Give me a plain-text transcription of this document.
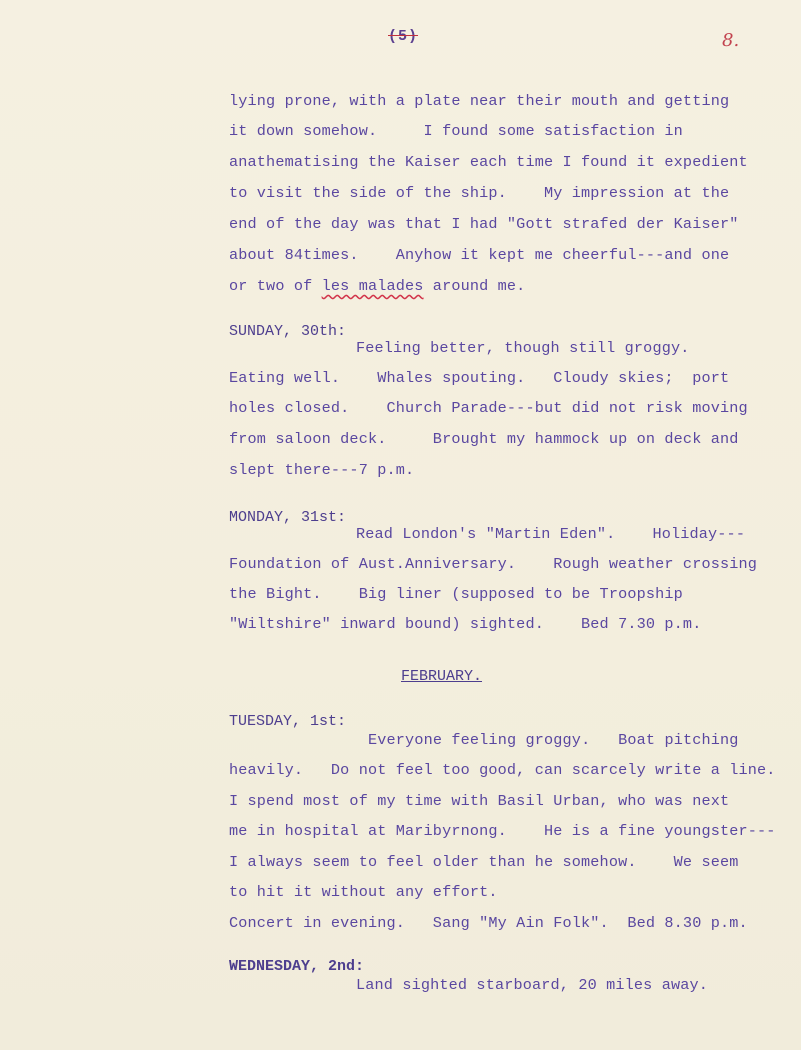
(5)	8.
lying prone, with a plate near their mouth and getting
it down somehow.     I found some satisfaction in
anathematising the Kaiser each time I found it expedient
to visit the side of the ship.    My impression at the
end of the day was that I had "Gott strafed der Kaiser"
about 84times.    Anyhow it kept me cheerful---and one
or two of les malades around me.
SUNDAY, 30th:
Feeling better, though still groggy.
Eating well.    Whales spouting.   Cloudy skies;  port
holes closed.    Church Parade---but did not risk moving
from saloon deck.     Brought my hammock up on deck and
slept there---7 p.m.
MONDAY, 31st:
Read London's "Martin Eden".    Holiday---
Foundation of Aust.Anniversary.    Rough weather crossing
the Bight.    Big liner (supposed to be Troopship
"Wiltshire" inward bound) sighted.    Bed 7.30 p.m.
FEBRUARY.
TUESDAY, 1st:
Everyone feeling groggy.   Boat pitching
heavily.   Do not feel too good, can scarcely write a line.
I spend most of my time with Basil Urban, who was next
me in hospital at Maribyrnong.    He is a fine youngster---
I always seem to feel older than he somehow.    We seem
to hit it without any effort.
Concert in evening.   Sang "My Ain Folk".  Bed 8.30 p.m.
WEDNESDAY, 2nd:
Land sighted starboard, 20 miles away.
